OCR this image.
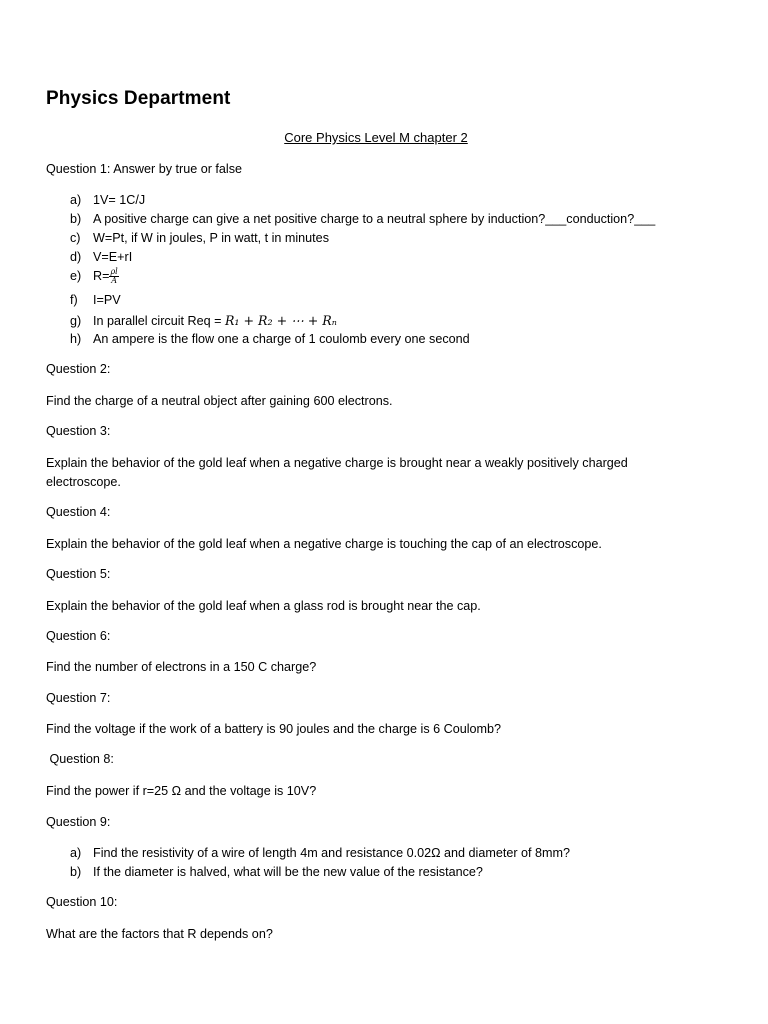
Physics Department
Core Physics Level M chapter 2
Question 1: Answer by true or false
a) 1V= 1C/J
b) A positive charge can give a net positive charge to a neutral sphere by induction?___conduction?___
c) W=Pt, if W in joules, P in watt, t in minutes
d) V=E+rI
e) $R= \frac{\rho l}{A}$
f) I=PV
g) In parallel circuit Req = R₁ + R₂ + ⋯ + Rₙ
h) An ampere is the flow one a charge of 1 coulomb every one second
Question 2:
Find the charge of a neutral object after gaining 600 electrons.
Question 3:
Explain the behavior of the gold leaf when a negative charge is brought near a weakly positively charged
electroscope.
Question 4:
Explain the behavior of the gold leaf when a negative charge is touching the cap of an electroscope.
Question 5:
Explain the behavior of the gold leaf when a glass rod is brought near the cap.
Question 6:
Find the number of electrons in a 150 C charge?
Question 7:
Find the voltage if the work of a battery is 90 joules and the charge is 6 Coulomb?
Question 8:
Find the power if r=25 Ω and the voltage is 10V?
Question 9:
a) Find the resistivity of a wire of length 4m and resistance 0.02Ω and diameter of 8mm?
b) If the diameter is halved, what will be the new value of the resistance?
Question 10:
What are the factors that R depends on?
